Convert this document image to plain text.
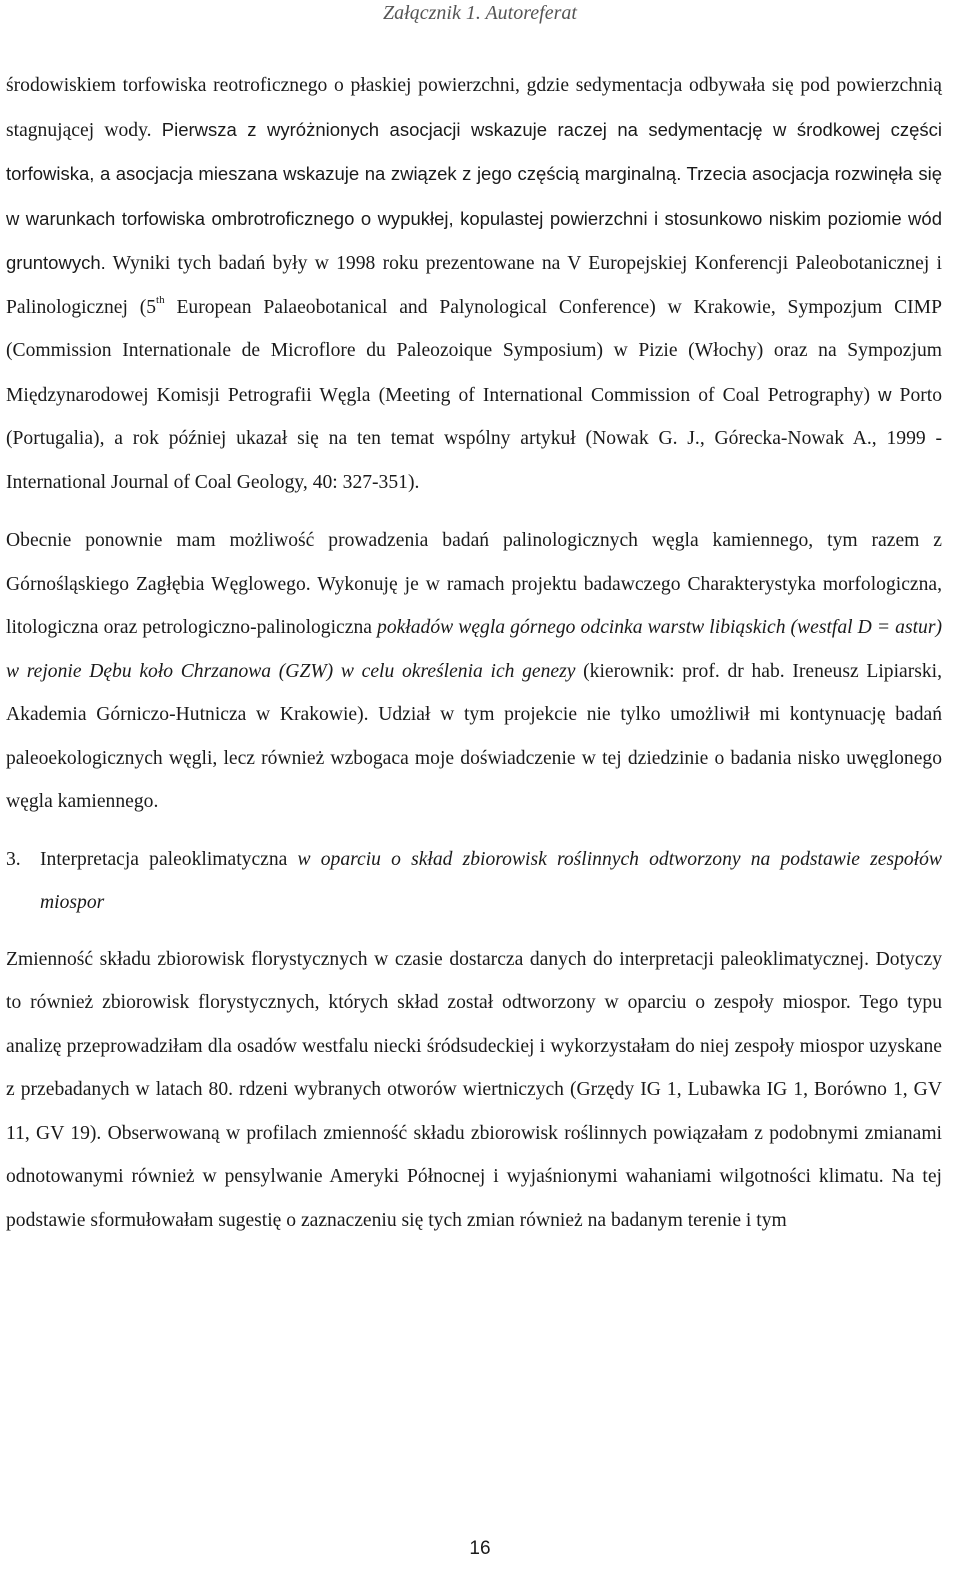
Załącznik 1. Autoreferat

środowiskiem torfowiska reotroficznego o płaskiej powierzchni, gdzie sedymentacja odbywała się pod powierzchnią stagnującej wody. Pierwsza z wyróżnionych asocjacji wskazuje raczej na sedymentację w środkowej części torfowiska, a asocjacja mieszana wskazuje na związek z jego częścią marginalną. Trzecia asocjacja rozwinęła się w warunkach torfowiska ombrotroficznego o wypukłej, kopulastej powierzchni i stosunkowo niskim poziomie wód gruntowych. Wyniki tych badań były w 1998 roku prezentowane na V Europejskiej Konferencji Paleobotanicznej i Palinologicznej (5th European Palaeobotanical and Palynological Conference) w Krakowie, Sympozjum CIMP (Commission Internationale de Microflore du Paleozoique Symposium) w Pizie (Włochy) oraz na Sympozjum Międzynarodowej Komisji Petrografii Węgla (Meeting of International Commission of Coal Petrography) w Porto (Portugalia), a rok później ukazał się na ten temat wspólny artykuł (Nowak G. J., Górecka-Nowak A., 1999 - International Journal of Coal Geology, 40: 327-351).

Obecnie ponownie mam możliwość prowadzenia badań palinologicznych węgla kamiennego, tym razem z Górnośląskiego Zagłębia Węglowego. Wykonuję je w ramach projektu badawczego Charakterystyka morfologiczna, litologiczna oraz petrologiczno-palinologiczna pokładów węgla górnego odcinka warstw libiąskich (westfal D = astur) w rejonie Dębu koło Chrzanowa (GZW) w celu określenia ich genezy (kierownik: prof. dr hab. Ireneusz Lipiarski, Akademia Górniczo-Hutnicza w Krakowie). Udział w tym projekcie nie tylko umożliwił mi kontynuację badań paleoekologicznych węgli, lecz również wzbogaca moje doświadczenie w tej dziedzinie o badania nisko uwęglonego węgla kamiennego.

3. Interpretacja paleoklimatyczna w oparciu o skład zbiorowisk roślinnych odtworzony na podstawie zespołów miospor

Zmienność składu zbiorowisk florystycznych w czasie dostarcza danych do interpretacji paleoklimatycznej. Dotyczy to również zbiorowisk florystycznych, których skład został odtworzony w oparciu o zespoły miospor. Tego typu analizę przeprowadziłam dla osadów westfalu niecki śródsudeckiej i wykorzystałam do niej zespoły miospor uzyskane z przebadanych w latach 80. rdzeni wybranych otworów wiertniczych (Grzędy IG 1, Lubawka IG 1, Borówno 1, GV 11, GV 19). Obserwowaną w profilach zmienność składu zbiorowisk roślinnych powiązałam z podobnymi zmianami odnotowanymi również w pensylwanie Ameryki Północnej i wyjaśnionymi wahaniami wilgotności klimatu. Na tej podstawie sformułowałam sugestię o zaznaczeniu się tych zmian również na badanym terenie i tym

16
